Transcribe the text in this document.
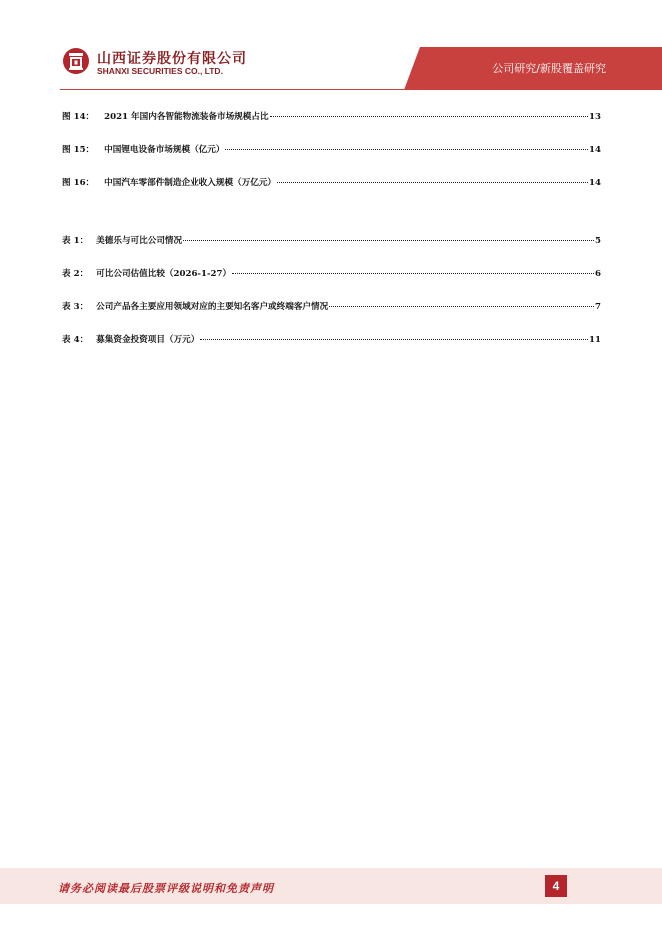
山西证券股份有限公司
SHANXI SECURITIES CO., LTD.	公司研究/新股覆盖研究
图 14： 2021 年国内各智能物流装备市场规模占比	13
图 15： 中国锂电设备市场规模（亿元）	14
图 16： 中国汽车零部件制造企业收入规模（万亿元）	14
表 1： 美德乐与可比公司情况	5
表 2： 可比公司估值比较（2026-1-27）	6
表 3： 公司产品各主要应用领域对应的主要知名客户或终端客户情况	7
表 4： 募集资金投资项目（万元）	11
请务必阅读最后股票评级说明和免责声明	4
